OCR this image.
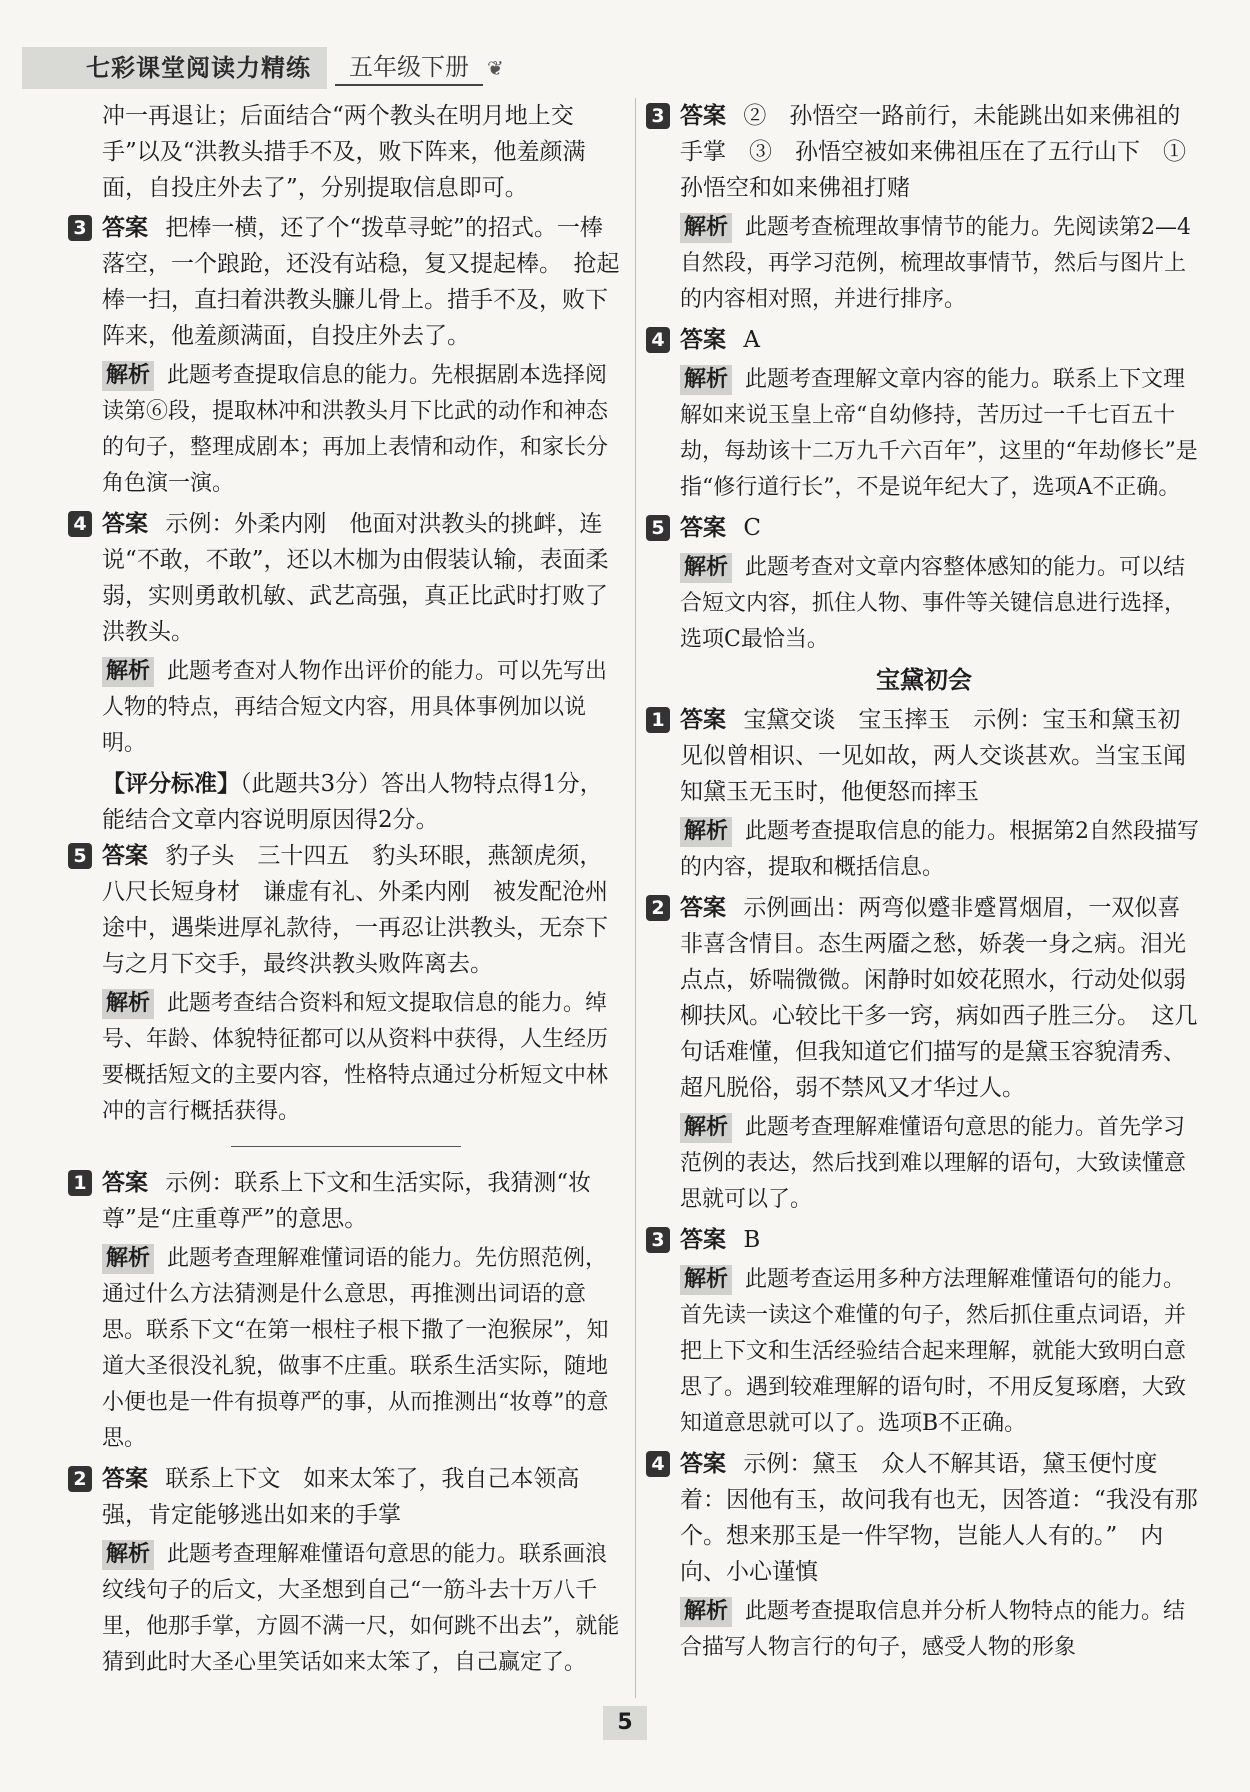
七彩课堂阅读力精练	五年级下册 ❦
冲一再退让；后面结合“两个教头在明月地上交手”以及“洪教头措手不及，败下阵来，他羞颜满面，自投庄外去了”，分别提取信息即可。
3 答案 把棒一横，还了个“拨草寻蛇”的招式。一棒落空，一个踉跄，还没有站稳，复又提起棒。　抢起棒一扫，直扫着洪教头臁儿骨上。措手不及，败下阵来，他羞颜满面，自投庄外去了。
解析 此题考查提取信息的能力。先根据剧本选择阅读第⑥段，提取林冲和洪教头月下比武的动作和神态的句子，整理成剧本；再加上表情和动作，和家长分角色演一演。
4 答案 示例：外柔内刚　他面对洪教头的挑衅，连说“不敢，不敢”，还以木枷为由假装认输，表面柔弱，实则勇敢机敏、武艺高强，真正比武时打败了洪教头。
解析 此题考查对人物作出评价的能力。可以先写出人物的特点，再结合短文内容，用具体事例加以说明。
【评分标准】（此题共3分）答出人物特点得1分，能结合文章内容说明原因得2分。
5 答案 豹子头　三十四五　豹头环眼，燕颔虎须，八尺长短身材　谦虚有礼、外柔内刚　被发配沧州途中，遇柴进厚礼款待，一再忍让洪教头，无奈下与之月下交手，最终洪教头败阵离去。
解析 此题考查结合资料和短文提取信息的能力。绰号、年龄、体貌特征都可以从资料中获得，人生经历要概括短文的主要内容，性格特点通过分析短文中林冲的言行概括获得。
1 答案 示例：联系上下文和生活实际，我猜测“妆尊”是“庄重尊严”的意思。
解析 此题考查理解难懂词语的能力。先仿照范例，通过什么方法猜测是什么意思，再推测出词语的意思。联系下文“在第一根柱子根下撒了一泡猴尿”，知道大圣很没礼貌，做事不庄重。联系生活实际，随地小便也是一件有损尊严的事，从而推测出“妆尊”的意思。
2 答案 联系上下文　如来太笨了，我自己本领高强，肯定能够逃出如来的手掌
解析 此题考查理解难懂语句意思的能力。联系画浪纹线句子的后文，大圣想到自己“一筋斗去十万八千里，他那手掌，方圆不满一尺，如何跳不出去”，就能猜到此时大圣心里笑话如来太笨了，自己赢定了。
3 答案 ②　孙悟空一路前行，未能跳出如来佛祖的手掌　③　孙悟空被如来佛祖压在了五行山下　①　孙悟空和如来佛祖打赌
解析 此题考查梳理故事情节的能力。先阅读第2—4自然段，再学习范例，梳理故事情节，然后与图片上的内容相对照，并进行排序。
4 答案 A
解析 此题考查理解文章内容的能力。联系上下文理解如来说玉皇上帝“自幼修持，苦历过一千七百五十劫，每劫该十二万九千六百年”，这里的“年劫修长”是指“修行道行长”，不是说年纪大了，选项A不正确。
5 答案 C
解析 此题考查对文章内容整体感知的能力。可以结合短文内容，抓住人物、事件等关键信息进行选择，选项C最恰当。
宝黛初会
1 答案 宝黛交谈　宝玉摔玉　示例：宝玉和黛玉初见似曾相识、一见如故，两人交谈甚欢。当宝玉闻知黛玉无玉时，他便怒而摔玉
解析 此题考查提取信息的能力。根据第2自然段描写的内容，提取和概括信息。
2 答案 示例画出：两弯似蹙非蹙罥烟眉，一双似喜非喜含情目。态生两靥之愁，娇袭一身之病。泪光点点，娇喘微微。闲静时如姣花照水，行动处似弱柳扶风。心较比干多一窍，病如西子胜三分。　这几句话难懂，但我知道它们描写的是黛玉容貌清秀、超凡脱俗，弱不禁风又才华过人。
解析 此题考查理解难懂语句意思的能力。首先学习范例的表达，然后找到难以理解的语句，大致读懂意思就可以了。
3 答案 B
解析 此题考查运用多种方法理解难懂语句的能力。首先读一读这个难懂的句子，然后抓住重点词语，并把上下文和生活经验结合起来理解，就能大致明白意思了。遇到较难理解的语句时，不用反复琢磨，大致知道意思就可以了。选项B不正确。
4 答案 示例：黛玉　众人不解其语，黛玉便忖度着：因他有玉，故问我有也无，因答道：“我没有那个。想来那玉是一件罕物，岂能人人有的。”　内向、小心谨慎
解析 此题考查提取信息并分析人物特点的能力。结合描写人物言行的句子，感受人物的形象
5
